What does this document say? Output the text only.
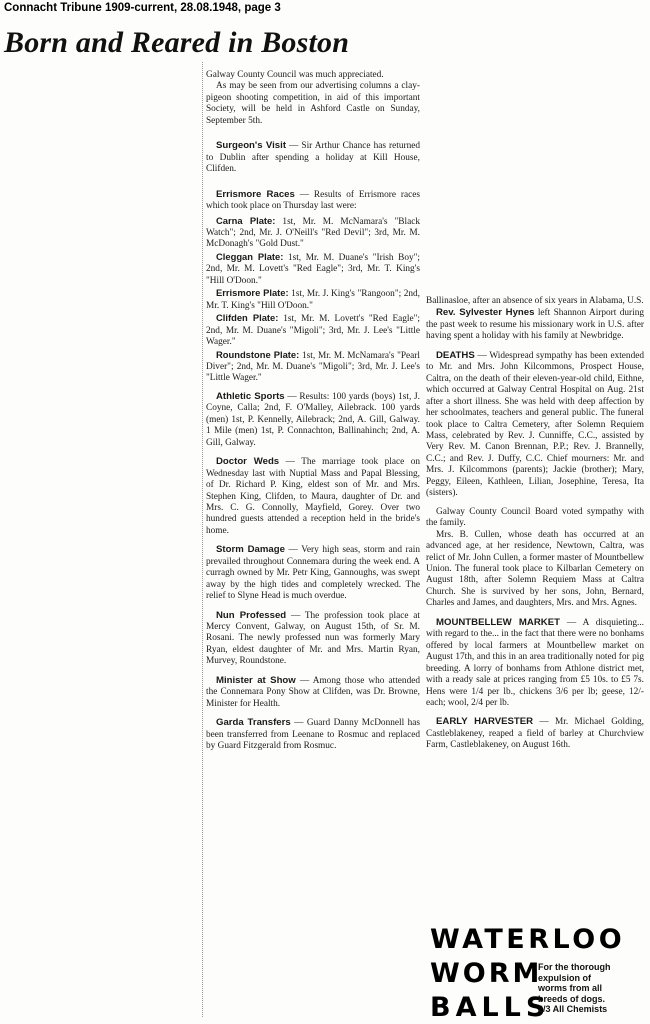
Connacht Tribune 1909-current, 28.08.1948, page 3
Born and Reared in Boston

Galway County Council was much appreciated.

As may be seen from our advertising columns a clay-pigeon shooting competition, in aid of this important Society, will be held in Ashford Castle on Sunday, September 5th.

Surgeon's Visit — Sir Arthur Chance has returned to Dublin after spending a holiday at Kill House, Clifden.

Errismore Races — Results of Errismore races which took place on Thursday last were:

Carna Plate: 1st, Mr. M. McNamara's "Black Watch"; 2nd, Mr. J. O'Neill's "Red Devil"; 3rd, Mr. M. McDonagh's "Gold Dust."

Cleggan Plate: 1st, Mr. M. Duane's "Irish Boy"; 2nd, Mr. M. Lovett's "Red Eagle"; 3rd, Mr. T. King's "Hill O'Doon."

Errismore Plate: 1st, Mr. J. King's "Rangoon"; 2nd, Mr. T. King's "Hill O'Doon."

Clifden Plate: 1st, Mr. M. Lovett's "Red Eagle"; 2nd, Mr. M. Duane's "Migoli"; 3rd, Mr. J. Lee's "Little Wager."

Roundstone Plate: 1st, Mr. M. McNamara's "Pearl Diver"; 2nd, Mr. M. Duane's "Migoli"; 3rd, Mr. J. Lee's "Little Wager."

Athletic Sports — Results: 100 yards (boys) 1st, J. Coyne, Calla; 2nd, F. O'Malley, Ailebrack. 100 yards (men) 1st, P. Kennelly, Ailebrack; 2nd, A. Gill, Galway. 1 Mile (men) 1st, P. Connachton, Ballinahinch; 2nd, A. Gill, Galway.

Doctor Weds — The marriage took place on Wednesday last with Nuptial Mass and Papal Blessing, of Dr. Richard P. King, eldest son of Mr. and Mrs. Stephen King, Clifden, to Maura, daughter of Dr. and Mrs. C. G. Connolly, Mayfield, Gorey. Over two hundred guests attended a reception held in the bride's home.

Storm Damage — Very high seas, storm and rain prevailed throughout Connemara during the week end. A curragh owned by Mr. Petr King, Gannoughs, was swept away by the high tides and completely wrecked. The relief to Slyne Head is much overdue.

Nun Professed — The profession took place at Mercy Convent, Galway, on August 15th, of Sr. M. Rosani. The newly professed nun was formerly Mary Ryan, eldest daughter of Mr. and Mrs. Martin Ryan, Murvey, Roundstone.

Minister at Show — Among those who attended the Connemara Pony Show at Clifden, was Dr. Browne, Minister for Health.

Garda Transfers — Guard Danny McDonnell has been transferred from Leenane to Rosmuc and replaced by Guard Fitzgerald from Rosmuc.

Ballinasloe, after an absence of six years in Alabama, U.S.

Rev. Sylvester Hynes left Shannon Airport during the past week to resume his missionary work in U.S. after having spent a holiday with his family at Newbridge.

DEATHS — Widespread sympathy has been extended to Mr. and Mrs. John Kilcommons, Prospect House, Caltra, on the death of their eleven-year-old child, Eithne, which occurred at Galway Central Hospital on Aug. 21st after a short illness. She was held with deep affection by her schoolmates, teachers and general public. The funeral took place to Caltra Cemetery, after Solemn Requiem Mass, celebrated by Rev. J. Cunniffe, C.C., assisted by Very Rev. M. Canon Brennan, P.P.; Rev. J. Brannelly, C.C.; and Rev. J. Duffy, C.C. Chief mourners: Mr. and Mrs. J. Kilcommons (parents); Jackie (brother); Mary, Peggy, Eileen, Kathleen, Lilian, Josephine, Teresa, Ita (sisters).

Galway County Council Board voted sympathy with the family.

Mrs. B. Cullen, whose death has occurred at an advanced age, at her residence, Newtown, Caltra, was relict of Mr. John Cullen, a former master of Mountbellew Union. The funeral took place to Kilbarlan Cemetery on August 18th, after Solemn Requiem Mass at Caltra Church. She is survived by her sons, John, Bernard, Charles and James, and daughters, Mrs. and Mrs. Agnes.

MOUNTBELLEW MARKET — A disquieting... with regard to the... in the fact that there were no bonhams offered by local farmers at Mountbellew market on August 17th, and this in an area traditionally noted for pig breeding. A lorry of bonhams from Athlone district met, with a ready sale at prices ranging from £5 10s. to £5 7s. Hens were 1/4 per lb., chickens 3/6 per lb; geese, 12/- each; wool, 2/4 per lb.

EARLY HARVESTER — Mr. Michael Golding, Castleblakeney, reaped a field of barley at Churchview Farm, Castleblakeney, on August 16th.

WATERLOO
WORM
BALLS
For the thorough
expulsion of
worms from all
breeds of dogs.
2/3 All Chemists
